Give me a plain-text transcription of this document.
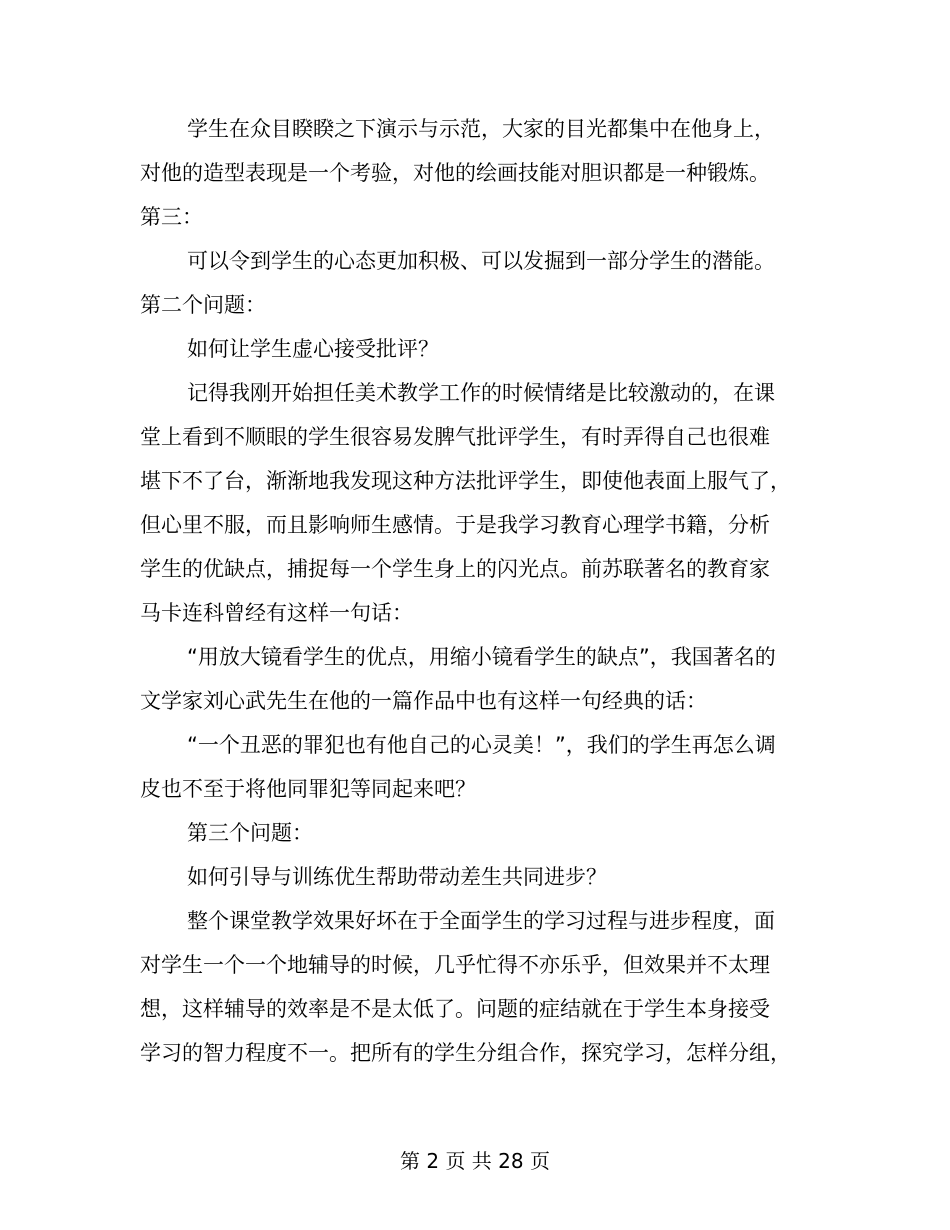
学生在众目睽睽之下演示与示范，大家的目光都集中在他身上，
对他的造型表现是一个考验，对他的绘画技能对胆识都是一种锻炼。
第三：
可以令到学生的心态更加积极、可以发掘到一部分学生的潜能。
第二个问题：
如何让学生虚心接受批评？
记得我刚开始担任美术教学工作的时候情绪是比较激动的，在课
堂上看到不顺眼的学生很容易发脾气批评学生，有时弄得自己也很难
堪下不了台，渐渐地我发现这种方法批评学生，即使他表面上服气了，
但心里不服，而且影响师生感情。于是我学习教育心理学书籍，分析
学生的优缺点，捕捉每一个学生身上的闪光点。前苏联著名的教育家
马卡连科曾经有这样一句话：
“用放大镜看学生的优点，用缩小镜看学生的缺点”，我国著名的
文学家刘心武先生在他的一篇作品中也有这样一句经典的话：
“一个丑恶的罪犯也有他自己的心灵美！”，我们的学生再怎么调
皮也不至于将他同罪犯等同起来吧？
第三个问题：
如何引导与训练优生帮助带动差生共同进步？
整个课堂教学效果好坏在于全面学生的学习过程与进步程度，面
对学生一个一个地辅导的时候，几乎忙得不亦乐乎，但效果并不太理
想，这样辅导的效率是不是太低了。问题的症结就在于学生本身接受
学习的智力程度不一。把所有的学生分组合作，探究学习，怎样分组，
第 2 页 共 28 页
